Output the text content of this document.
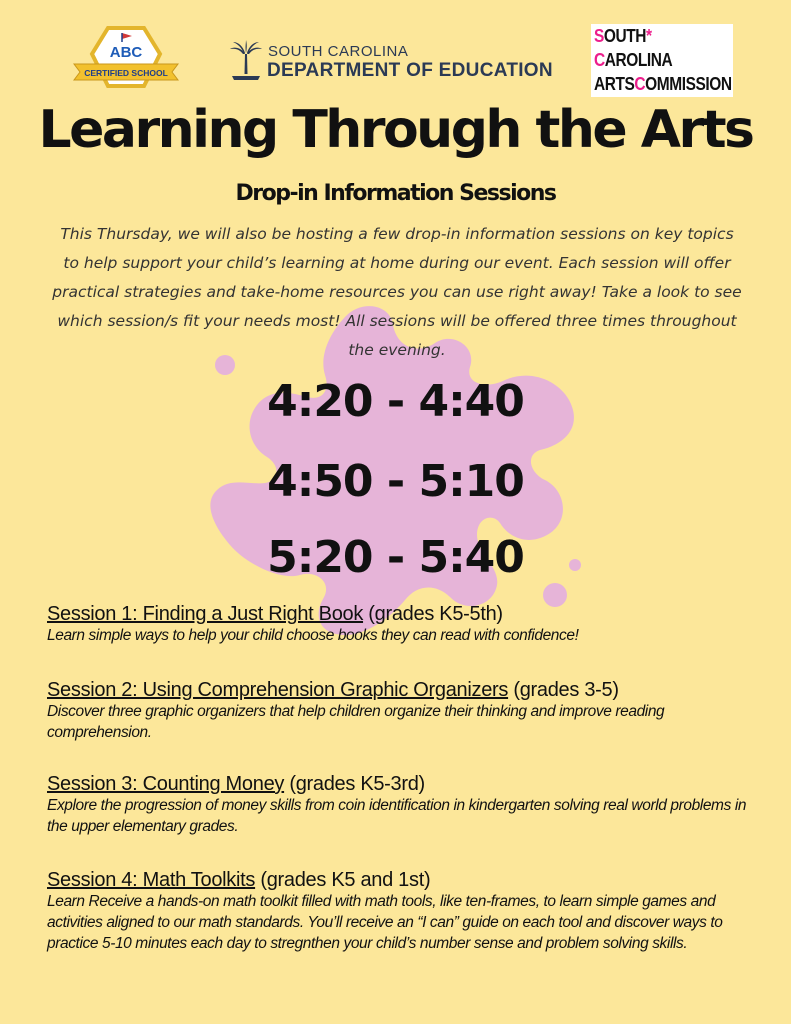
ABC
CERTIFIED SCHOOL
SOUTH CAROLINA
DEPARTMENT OF EDUCATION
SOUTH*
CAROLINA
ARTSCOMMISSION
Learning Through the Arts
Drop-in Information Sessions
This Thursday, we will also be hosting a few drop-in information sessions on key topics to help support your child’s learning at home during our event. Each session will offer practical strategies and take-home resources you can use right away! Take a look to see which session/s fit your needs most! All sessions will be offered three times throughout the evening.
4:20 - 4:40
4:50 - 5:10
5:20 - 5:40
Session 1: Finding a Just Right Book (grades K5-5th)
Learn simple ways to help your child choose books they can read with confidence!
Session 2: Using Comprehension Graphic Organizers (grades 3-5)
Discover three graphic organizers that help children organize their thinking and improve reading comprehension.
Session 3: Counting Money (grades K5-3rd)
Explore the progression of money skills from coin identification in kindergarten solving real world problems in the upper elementary grades.
Session 4: Math Toolkits (grades K5 and 1st)
Learn Receive a hands-on math toolkit filled with math tools, like ten-frames, to learn simple games and activities aligned to our math standards. You’ll receive an “I can” guide on each tool and discover ways to practice 5-10 minutes each day to stregnthen your child’s number sense and problem solving skills.
